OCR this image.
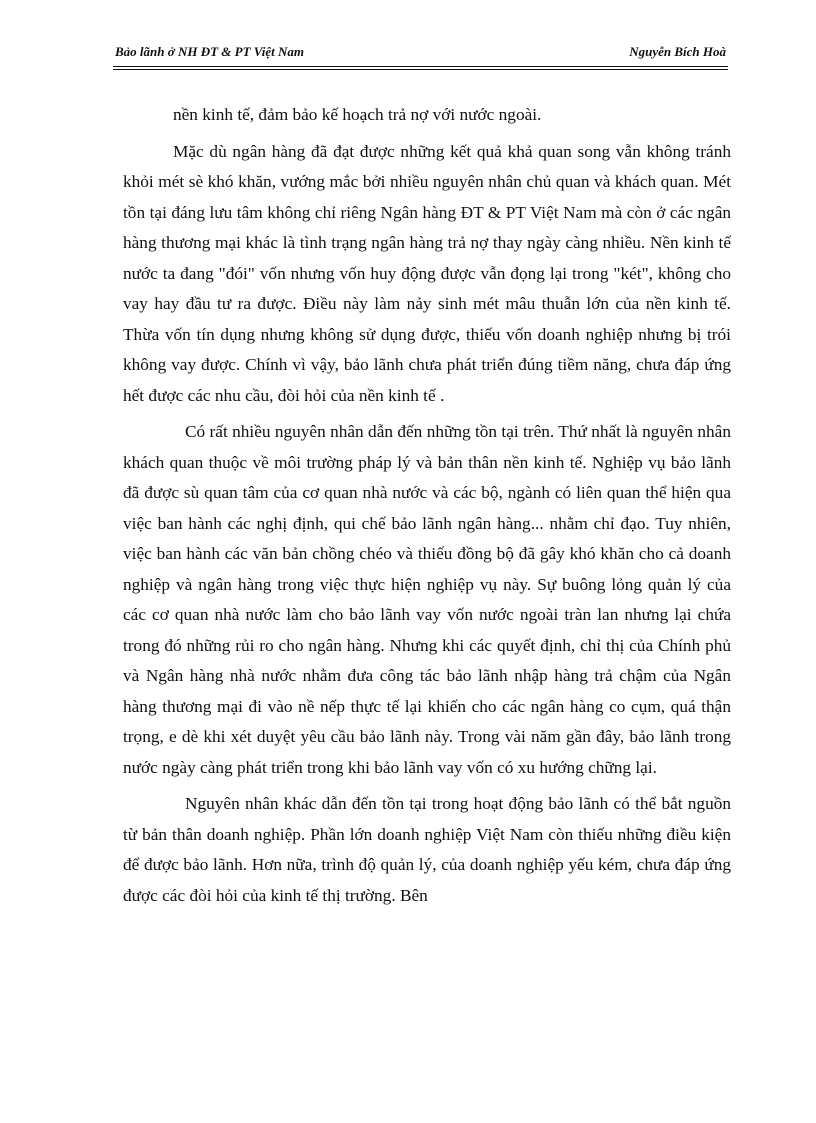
Bảo lãnh ở NH ĐT & PT Việt Nam	Nguyễn Bích Hoà

nền kinh tế, đảm bảo kế hoạch trả nợ với nước ngoài.

Mặc dù ngân hàng đã đạt được những kết quả khả quan song vẫn không tránh khỏi mét sè khó khăn, vướng mắc bởi nhiều nguyên nhân chủ quan và khách quan. Mét tồn tại đáng lưu tâm không chỉ riêng Ngân hàng ĐT & PT Việt Nam mà còn ở các ngân hàng thương mại khác là tình trạng ngân hàng trả nợ thay ngày càng nhiều. Nền kinh tế nước ta đang "đói" vốn nhưng vốn huy động được vẫn đọng lại trong "két", không cho vay hay đầu tư ra được. Điều này làm nảy sinh mét mâu thuẫn lớn của nền kinh tế. Thừa vốn tín dụng nhưng không sử dụng được, thiếu vốn doanh nghiệp nhưng bị trói không vay được. Chính vì vậy, bảo lãnh chưa phát triển đúng tiềm năng, chưa đáp ứng hết được các nhu cầu, đòi hỏi của nền kinh tế .

Có rất nhiều nguyên nhân dẫn đến những tồn tại trên. Thứ nhất là nguyên nhân khách quan thuộc về môi trường pháp lý và bản thân nền kinh tế. Nghiệp vụ bảo lãnh đã được sù quan tâm của cơ quan nhà nước và các bộ, ngành có liên quan thể hiện qua việc ban hành các nghị định, qui chế bảo lãnh ngân hàng... nhằm chỉ đạo. Tuy nhiên, việc ban hành các văn bản chồng chéo và thiếu đồng bộ đã gây khó khăn cho cả doanh nghiệp và ngân hàng trong việc thực hiện nghiệp vụ này. Sự buông lỏng quản lý của các cơ quan nhà nước làm cho bảo lãnh vay vốn nước ngoài tràn lan nhưng lại chứa trong đó những rủi ro cho ngân hàng. Nhưng khi các quyết định, chỉ thị của Chính phủ và Ngân hàng nhà nước nhằm đưa công tác bảo lãnh nhập hàng trả chậm của Ngân hàng thương mại đi vào nề nếp thực tế lại khiến cho các ngân hàng co cụm, quá thận trọng, e dè khi xét duyệt yêu cầu bảo lãnh này. Trong vài năm gần đây, bảo lãnh trong nước ngày càng phát triển trong khi bảo lãnh vay vốn có xu hướng chững lại.

Nguyên nhân khác dẫn đến tồn tại trong hoạt động bảo lãnh có thể bắt nguồn từ bản thân doanh nghiệp. Phần lớn doanh nghiệp Việt Nam còn thiếu những điều kiện để được bảo lãnh. Hơn nữa, trình độ quản lý, của doanh nghiệp yếu kém, chưa đáp ứng được các đòi hỏi của kinh tế thị trường. Bên
